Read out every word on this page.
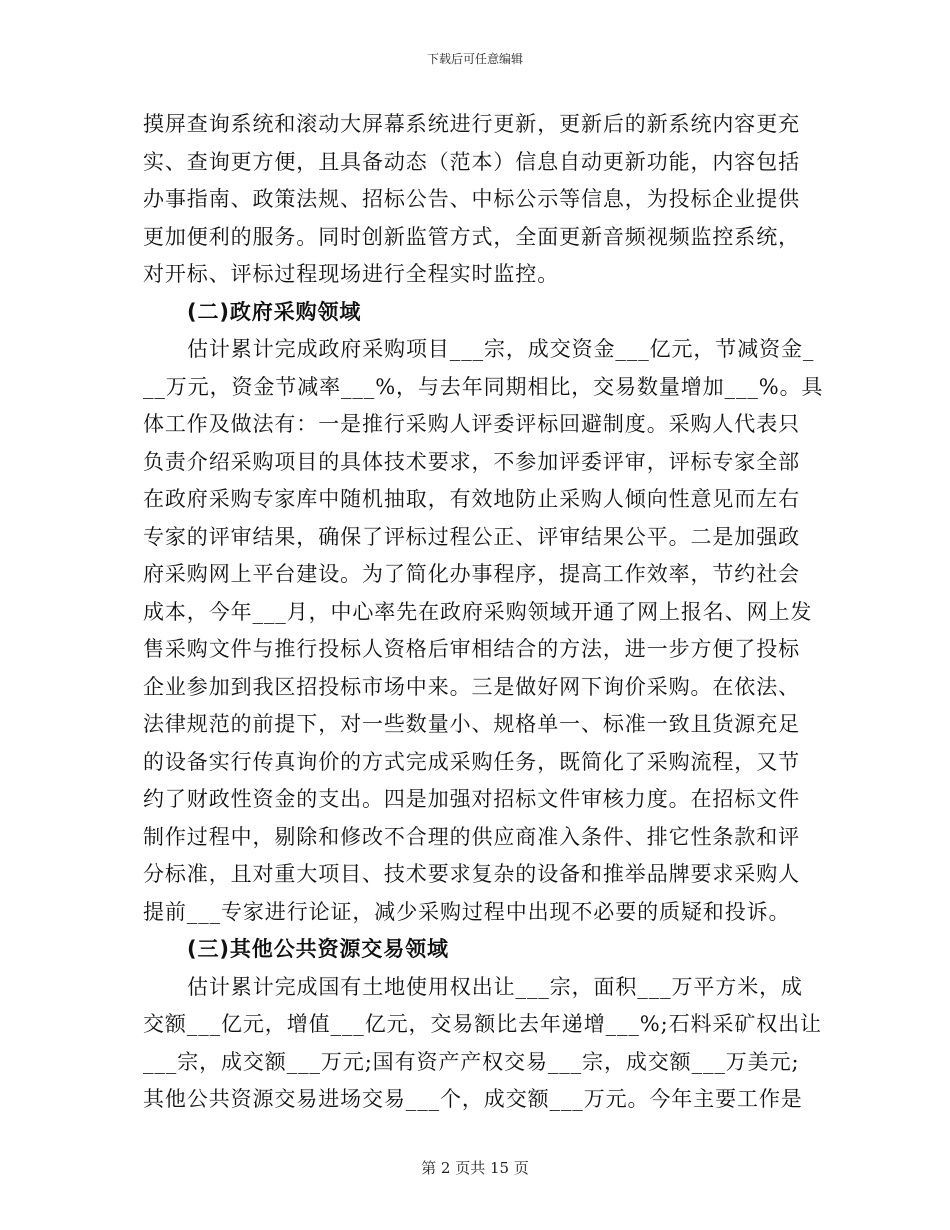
下载后可任意编辑
摸屏查询系统和滚动大屏幕系统进行更新，更新后的新系统内容更充
实、查询更方便，且具备动态（范本）信息自动更新功能，内容包括
办事指南、政策法规、招标公告、中标公示等信息，为投标企业提供
更加便利的服务。同时创新监管方式，全面更新音频视频监控系统，
对开标、评标过程现场进行全程实时监控。
(二)政府采购领域
估计累计完成政府采购项目___宗，成交资金___亿元，节减资金_
__万元，资金节减率___%，与去年同期相比，交易数量增加___%。具
体工作及做法有：一是推行采购人评委评标回避制度。采购人代表只
负责介绍采购项目的具体技术要求，不参加评委评审，评标专家全部
在政府采购专家库中随机抽取，有效地防止采购人倾向性意见而左右
专家的评审结果，确保了评标过程公正、评审结果公平。二是加强政
府采购网上平台建设。为了简化办事程序，提高工作效率，节约社会
成本，今年___月，中心率先在政府采购领域开通了网上报名、网上发
售采购文件与推行投标人资格后审相结合的方法，进一步方便了投标
企业参加到我区招投标市场中来。三是做好网下询价采购。在依法、
法律规范的前提下，对一些数量小、规格单一、标准一致且货源充足
的设备实行传真询价的方式完成采购任务，既简化了采购流程，又节
约了财政性资金的支出。四是加强对招标文件审核力度。在招标文件
制作过程中，剔除和修改不合理的供应商准入条件、排它性条款和评
分标准，且对重大项目、技术要求复杂的设备和推举品牌要求采购人
提前___专家进行论证，减少采购过程中出现不必要的质疑和投诉。
(三)其他公共资源交易领域
估计累计完成国有土地使用权出让___宗，面积___万平方米，成
交额___亿元，增值___亿元，交易额比去年递增___%;石料采矿权出让
___宗，成交额___万元;国有资产产权交易___宗，成交额___万美元;
其他公共资源交易进场交易___个，成交额___万元。今年主要工作是
第 2 页共 15 页
